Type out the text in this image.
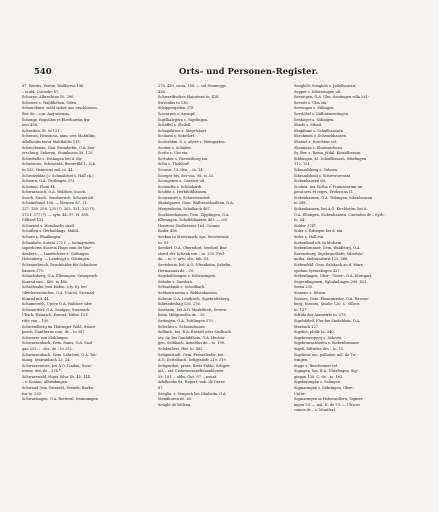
540	Orts- und Personen-Register.
87. Worms, Verein, Waltherus 196.
– sculd. Custodie 87.
Schorpa, Albrechtus 10. 290.
Schower s. Waldthëhen, Öden.
Schowsbure, wöhl sicher aus erschlossen.
Ber. de – con. Augustensis.
Schrage, Ropoldus et Eberhardus fra-
tres 458.
Schratten, St. to 151.
Schrawa, Heinricus, nunc sive Mahtildis,
Adelheidis soror Mahthildis 115.
Schrechenau, Gau. Prondorfer, O.A. Sen-
erschurg. Seheren, Stumbucus 58. 125.
Schrobolle s. Esslingen bei d. dir.
Schrözerie, Schriotuld, Beoterfild 1. 326.
to 335. Heinricus mil. to. 44.
Schrutzeldas (= Schmalebei s. Hall ch.)
Scheura, O.A. Tuttlingen 375.
Schonen, Flum 14.
Schwarzauch, O.A. Waldsee. Suoch.
Suoch. Suoch. Sensbrerich. Schenerich.
Scheinehmel 108. — Mensen 87. 11.
127. 158. 208. 230 (?). 303. 321. 333 (?).
373 f. 377 (?). — sym. 44. 57. H. 388.
Cilfried 133.
Schurtzel s. Hornbachs suall.
Schuften s. Gerhaldings, Mahlt.
Scharn s. Phuikingen.
Schaukeln, Suevia 272 f. — heimgruntes
superhorin Suarein Hugo zum de War-
denbers. — Landrickner s. Göttingen.
Hohenberg. — Landvogt s. Göttingen.
Scheuenbruch, Druckfehler für Schachen-
hausen 375.
Schachsberg, O.A. Ellwangen, Swauperch
Konrad von – 480. to 480.
Schachsalm (von Hafen, s.ty. Sy. bei
Oberbetzzeinchm, O.A. Urach), Swenzel-
Konrad mil. 44.
Schumeroch, Upter, O.A. Waldsee oder
Scheuerdorf. O.A. Saulgau, Swarzach
Ulrich, Heinrich, Konrad, Hiltro 13 f.
ritte von – 100.
Schwendberg im Thüringer Wald, Swarz-
purch. Guntherus com. de – to 307.
Schwarze von Stöhlingen.
Schwarzenbach, Gem. Rams, O.A. Saul-
gau 252. . . dos. de – to 292.
Schwarzenbach, Gem. Lahr(see, O.A. Tet-
tnang. Swaranbach 23. 24.
Schwarzenrose, bei A.O. Lindau, Swar-
treme. den de – 374 *.
Schwarzwald, Nigra Silva 40. 45. 144.
– s. Konian, Albrinkingen.
Schwand (von Osterab), Svenda, Burka-
fus to. 292.
Schwarzingen, O.A. Rottweil, Swänningen
278. 439. socia. 108. — vel Swanegge
438.
Schwertfischer, Hainrieus to. 428.
Swveidiis to 136.
Schippergaiten 375.
Scienrnes s. Arraspf.
Sigelhalegera s. Sigelingen.
Schöffel s. Sleifell.
Schegeldsus s. Siegelsbart.
Scolarin s. Söbrdorf.
Scolorblim. 8. s. ahere s. Weingarten.
Scotier s. Schäfen.
Scrita s. Utu ein.
Scrtuber s. Ravensburg ein.
Sclta s. Thebhorf.
Scurrer, 13. den. – to. 14.
Scorger bei, der voa. 98. to 33.
Scoriganen s. Canssur ult.
Scotiurfia s. Schönhardt.
Scufifie s. Herbfüthhausen.
Scuwensitt s. Schwewenried.
Skutalpuent, Gem. Walbsenshoulhen, O.A.
Mergenheim, Schalbach 467.
Sicahiseshausen, Gem. Zipplingen, O.A.
Ellwangen, Schalbbhausen 463. — col.
Henricus Stellwesser 163. Conrau
Roder 456.
Seekau in Steiermark, eps. Secoviensis
to. 53.
Seedorf, O.A. Oberndorf, Seedorf. Bur-
chard der Schenk von – to. 255. Frid-
du. – st. 9. arts; obs. tab. 83.
Seetzheim, bei. A.G. Ufrenheim, Sabelm.
Hermannus de – 29.
Segebaldsingen s. Söbenzingen.
Sebalm s. Saeslein.
Sebanthauk s. Schoilbach.
Sebhentrasena s. Rebhenkausen.
Sebrow, O.A. Leutkirch, Sigebrattsberg,
Sibrandeshag 126. 276.
Seisheim, bei A.G. Marktbreit, Sewesi-
heim. Hiltgruedes de – 39.
Seitingen, O.A. Tuttlingen 379.
Seleches s. Schoondsauer.
Selbach, bei. B.A. Rastatt oder Seelbach
aty. Sy. bei Gunbildhein, O.A. Hechin-
gen, Selhbach. Arnoldus de – to. 190.
Selidenbert, Her. to. 402.
Seligenstadt, Gem. Prenzelenbe, bei-
A.G. Dettelbach, Seligestadt 219. 219.
Seligenthal, proxs. Kreis Fiddo, Seligen-
tal, – rid. Cisteruienserfrauenkloster
59. 101. – abbs. Gut. 97. – nonat
Adelheidis Sa. Rupert; nob. de Darze
87.
Senghs, s. Sengach bei Öhnbeim, O.A.
Mendhoren 60. 60.
Senglü de Wolena.
Senghöli, Senghöli s. Judelhausen.
Seppet s. Söbersingen ult.
Sessingen, O.A. Ulm, Sentingen villa 291-
Serwër s. Ulm ein.
Servingen s. Sülingen.
Servlöhel s. Dälhaementingen.
Senhöger s. Söhingen.
Shade s. Stbad.
Shapfiune s. Schaffsaussen.
Sheckmen s. Schenckhausen.
Shatzel s. Horchten col.
Shonnans s. Shirmardscen.
Sy, Ber, s. Rema, jüthil, Kinstilbranin.
Sibbingen, Kl. Schaffhausen, Sibelingen
112. 151.
Sibrandsberg s. Sebrow.
Sibrandsheid s. Schwerorensnt.
Sichenhausen ult.
Sicilien. rex Sicilia s. Fromanorum im-
peratores et reges, Fridericus II.
Sickenhausen, O.A. Tübingen, Sikenhausen
to 288.
Sickenhausen, bei A.G. Kirchheim, bei A.
O.A. Eltangen, Sickenhausen. Conradus de – Syrb.
to. 54.
Siddor 374*.
Sider s. Ezlingen bei d. ein.
Sider s. Hall ein.
Siebenkind ult. in Mulsein.
Siebenbrunner, Gem. Waldburg, O.A.
Ravensburg, Sigebrundhöfe; Siberbär-
untha, Siebrandstrit 125. 266.
Siebenfeld, Gem. Salzbach an d. Murr,
opidum Syvumbogen 427.
Siebenlingen, Ober-, Unter-, O.A. Stuttgart,
Segrenlingenen, Sgbalmlingen 295. 453.
Siena 255.
Sienene s. Situen.
Siessen, Gem. Fleannweiler, O.A. Ravens-
burg, Siessen, Sisalle 120. C. Villicis
to. 157.
Sifrida der Ammeirfz to. 279.
Sigelsfeled, Flur bei Sindehlein, O.A.
Marbach 127.
Sigehot, plelle ta. 340.
Sigebrenzsperg s. Sebrow.
Sigebrunnshoefen s. Siebenbrunner.
Sigeli, Siltrides des – to. 15.
Sigelinus sac. palliator, mil. de Tu-
wingen.
Siggo s. Beochenner col.
Sigingen, bei. B.A. Überlingen, Sig-
gingen 130. C. de – to. 103.
Sigeleutingen s. Salingen.
Sigmaringen s. Söbringen, Ober-,
Unter-.
Sigmaringen in Hohenzollern, Sigmar-
ingen 78. — mil. H. de 79. — Ulricus
comes de – s. Montfort.
